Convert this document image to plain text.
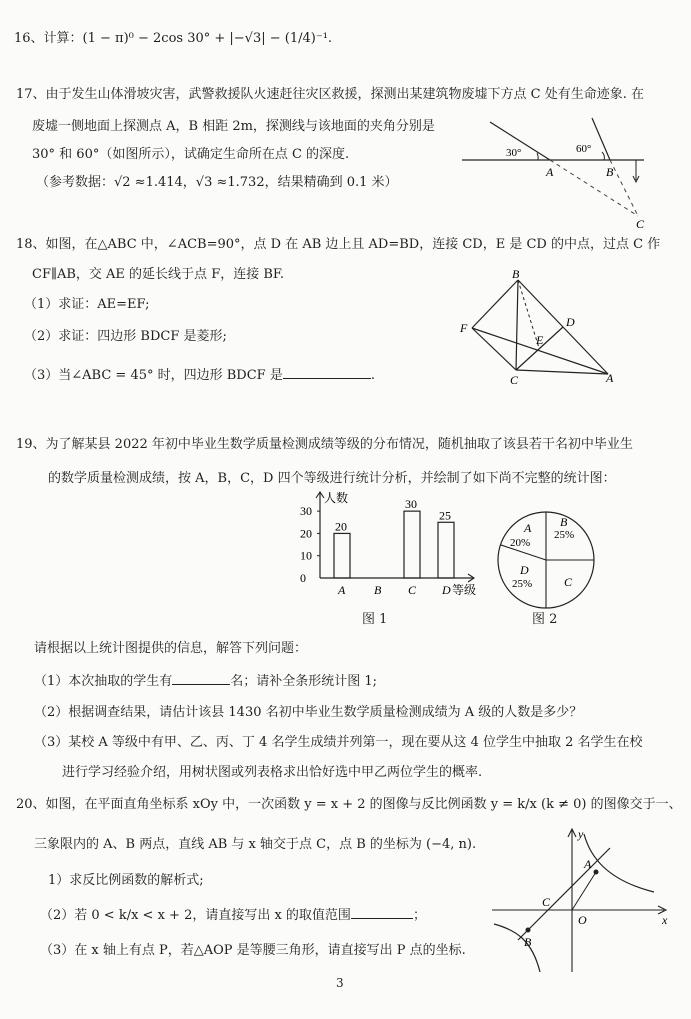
16、计算：(1 − π)⁰ − 2cos 30° + |−√3| − (1/4)⁻¹.
17、由于发生山体滑坡灾害，武警救援队火速赶往灾区救援，探测出某建筑物废墟下方点 C 处有生命迹象. 在
废墟一侧地面上探测点 A，B 相距 2m，探测线与该地面的夹角分别是
30° 和 60°（如图所示），试确定生命所在点 C 的深度.
（参考数据：√2 ≈1.414，√3 ≈1.732，结果精确到 0.1 米）
30°	60°
A	B
C
18、如图，在△ABC 中，∠ACB=90°，点 D 在 AB 边上且 AD=BD，连接 CD，E 是 CD 的中点，过点 C 作
CF∥AB，交 AE 的延长线于点 F，连接 BF.
（1）求证：AE=EF;
（2）求证：四边形 BDCF 是菱形;
（3）当∠ABC = 45° 时，四边形 BDCF 是	.
B
D
F
E
C	A
19、为了解某县 2022 年初中毕业生数学质量检测成绩等级的分布情况，随机抽取了该县若干名初中毕业生
的数学质量检测成绩，按 A，B，C，D 四个等级进行统计分析，并绘制了如下尚不完整的统计图：
人数
0
10
20
30
A
20
B C
30
D
25
等级
图 1
A
20%
B
25%
C
D
25%
图 2
请根据以上统计图提供的信息，解答下列问题：
（1）本次抽取的学生有	名；请补全条形统计图 1;
（2）根据调查结果，请估计该县 1430 名初中毕业生数学质量检测成绩为 A 级的人数是多少？
（3）某校 A 等级中有甲、乙、丙、丁 4 名学生成绩并列第一，现在要从这 4 位学生中抽取 2 名学生在校
进行学习经验介绍，用树状图或列表格求出恰好选中甲乙两位学生的概率.
20、如图，在平面直角坐标系 xOy 中，一次函数 y = x + 2 的图像与反比例函数 y = k/x (k ≠ 0) 的图像交于一、
三象限内的 A、B 两点，直线 AB 与 x 轴交于点 C，点 B 的坐标为 (−4, n).
1）求反比例函数的解析式;
（2）若 0 < k/x < x + 2，请直接写出 x 的取值范围	；
（3）在 x 轴上有点 P，若△AOP 是等腰三角形，请直接写出 P 点的坐标.
y
x
A
B
C
O
3
